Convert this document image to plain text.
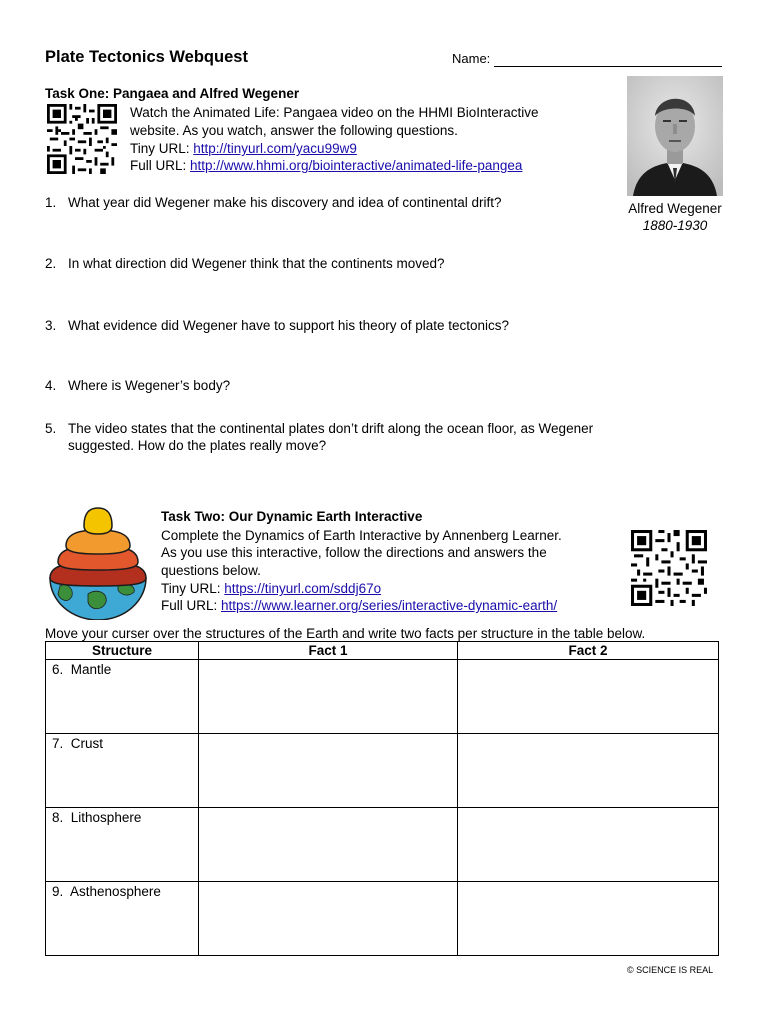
Plate Tectonics Webquest	Name:
Task One: Pangaea and Alfred Wegener
Watch the Animated Life: Pangaea video on the HHMI BioInteractive
website. As you watch, answer the following questions.
Tiny URL: http://tinyurl.com/yacu99w9
Full URL: http://www.hhmi.org/biointeractive/animated-life-pangea
Alfred Wegener
1880-1930
1. What year did Wegener make his discovery and idea of continental drift?
2. In what direction did Wegener think that the continents moved?
3. What evidence did Wegener have to support his theory of plate tectonics?
4. Where is Wegener’s body?
5. The video states that the continental plates don’t drift along the ocean floor, as Wegener
suggested. How do the plates really move?
Task Two: Our Dynamic Earth Interactive
Complete the Dynamics of Earth Interactive by Annenberg Learner.
As you use this interactive, follow the directions and answers the
questions below.
Tiny URL: https://tinyurl.com/sddj67o
Full URL: https://www.learner.org/series/interactive-dynamic-earth/
Move your curser over the structures of the Earth and write two facts per structure in the table below.
Structure	Fact 1	Fact 2
6. Mantle		
7. Crust		
8. Lithosphere		
9. Asthenosphere		
© SCIENCE IS REAL
